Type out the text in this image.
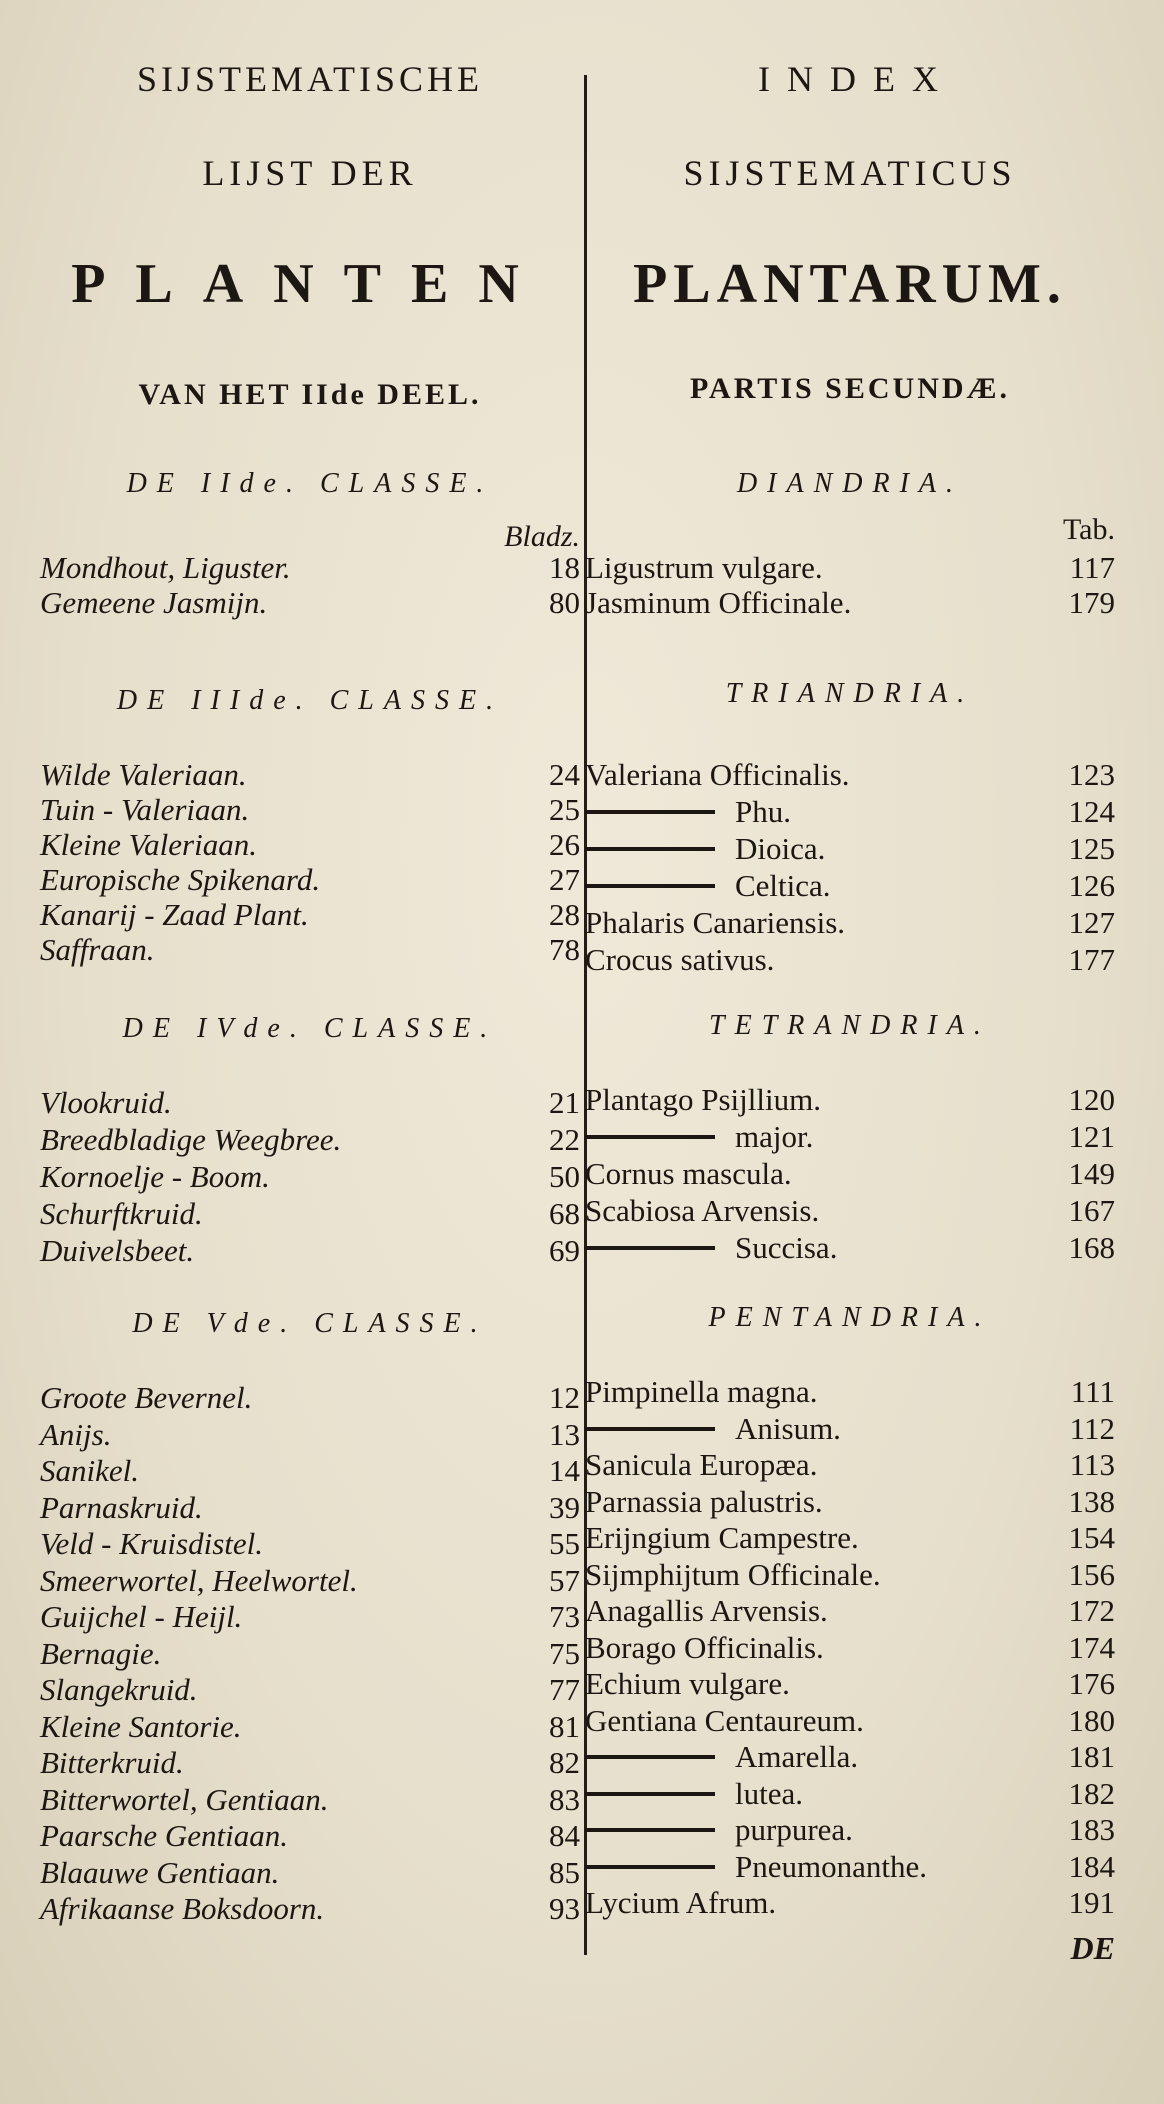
SIJSTEMATISCHE
LIJST DER
PLANTEN
VAN HET IIde DEEL.
Bladz.
DE IIde. CLASSE.
Mondhout, Liguster.	18
Gemeene Jasmijn.	80
DE IIIde. CLASSE.
Wilde Valeriaan.	24
Tuin - Valeriaan.	25
Kleine Valeriaan.	26
Europische Spikenard.	27
Kanarij - Zaad Plant.	28
Saffraan.	78
DE IVde. CLASSE.
Vlookruid.	21
Breedbladige Weegbree.	22
Kornoelje - Boom.	50
Schurftkruid.	68
Duivelsbeet.	69
DE Vde. CLASSE.
Groote Bevernel.	12
Anijs.	13
Sanikel.	14
Parnaskruid.	39
Veld - Kruisdistel.	55
Smeerwortel, Heelwortel.	57
Guijchel - Heijl.	73
Bernagie.	75
Slangekruid.	77
Kleine Santorie.	81
Bitterkruid.	82
Bitterwortel, Gentiaan.	83
Paarsche Gentiaan.	84
Blaauwe Gentiaan.	85
Afrikaanse Boksdoorn.	93
I N D E X
SIJSTEMATICUS
PLANTARUM.
PARTIS SECUNDÆ.
Tab.
DE
DIANDRIA.
Ligustrum vulgare.	117
Jasminum Officinale.	179
TRIANDRIA.
Valeriana Officinalis.	123
Phu.	124
Dioica.	125
Celtica.	126
Phalaris Canariensis.	127
Crocus sativus.	177
TETRANDRIA.
Plantago Psijllium.	120
major.	121
Cornus mascula.	149
Scabiosa Arvensis.	167
Succisa.	168
PENTANDRIA.
Pimpinella magna.	111
Anisum.	112
Sanicula Europæa.	113
Parnassia palustris.	138
Erijngium Campestre.	154
Sijmphijtum Officinale.	156
Anagallis Arvensis.	172
Borago Officinalis.	174
Echium vulgare.	176
Gentiana Centaureum.	180
Amarella.	181
lutea.	182
purpurea.	183
Pneumonanthe.	184
Lycium Afrum.	191
